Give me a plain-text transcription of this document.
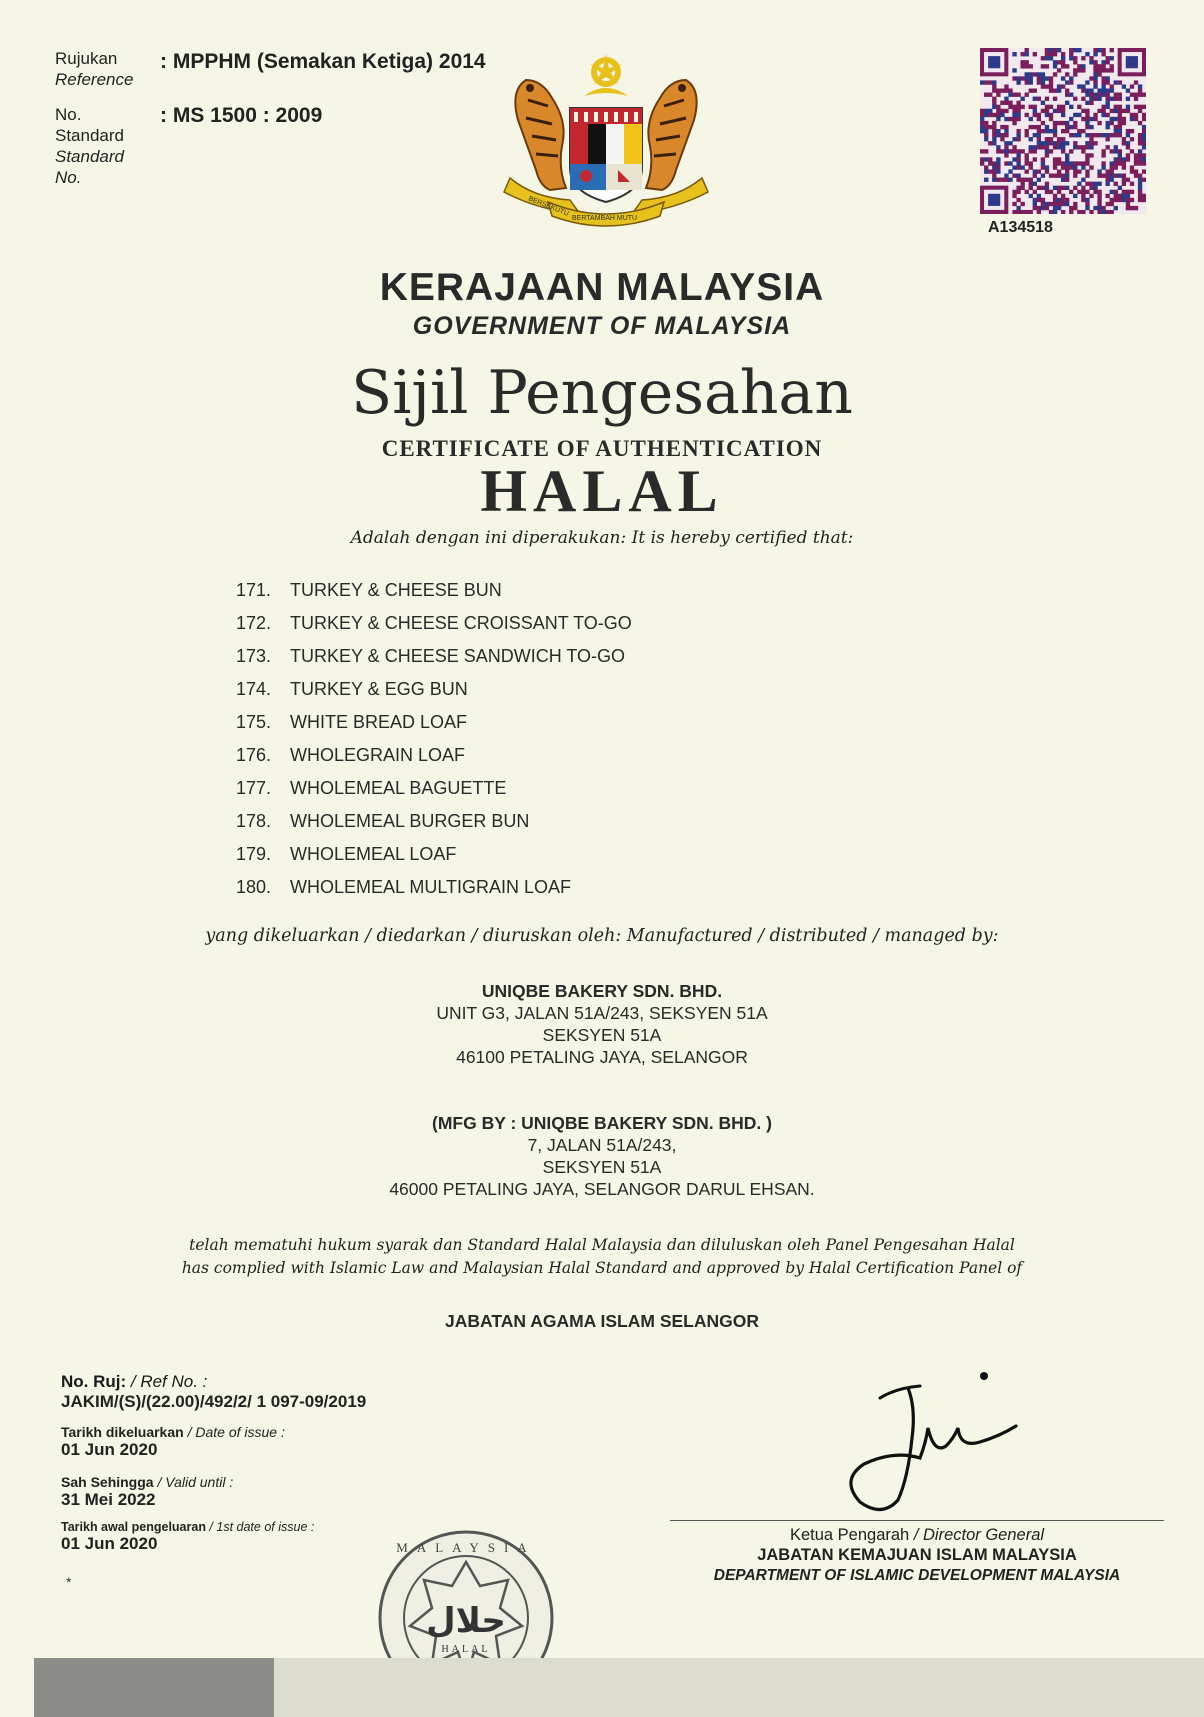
Rujukan
Reference
: MPPHM (Semakan Ketiga) 2014
No.
Standard
Standard
No.
: MS 1500 : 2009
BERSEKUTU
BERTAMBAH MUTU
A134518
KERAJAAN MALAYSIA
GOVERNMENT OF MALAYSIA
Sijil Pengesahan
CERTIFICATE OF AUTHENTICATION
HALAL
Adalah dengan ini diperakukan: It is hereby certified that:
171.	TURKEY & CHEESE BUN
172.	TURKEY & CHEESE CROISSANT TO-GO
173.	TURKEY & CHEESE SANDWICH TO-GO
174.	TURKEY & EGG BUN
175.	WHITE BREAD LOAF
176.	WHOLEGRAIN LOAF
177.	WHOLEMEAL BAGUETTE
178.	WHOLEMEAL BURGER BUN
179.	WHOLEMEAL LOAF
180.	WHOLEMEAL MULTIGRAIN LOAF
yang dikeluarkan / diedarkan / diuruskan oleh: Manufactured / distributed / managed by:
UNIQBE BAKERY SDN. BHD.
UNIT G3, JALAN 51A/243, SEKSYEN 51A
SEKSYEN 51A
46100 PETALING JAYA, SELANGOR
(MFG BY : UNIQBE BAKERY SDN. BHD. )
7, JALAN 51A/243,
SEKSYEN 51A
46000 PETALING JAYA, SELANGOR DARUL EHSAN.
telah mematuhi hukum syarak dan Standard Halal Malaysia dan diluluskan oleh Panel Pengesahan Halal
has complied with Islamic Law and Malaysian Halal Standard and approved by Halal Certification Panel of
JABATAN AGAMA ISLAM SELANGOR
No. Ruj: / Ref No. :
JAKIM/(S)/(22.00)/492/2/ 1 097-09/2019
Tarikh dikeluarkan / Date of issue :
01 Jun 2020
Sah Sehingga / Valid until :
31 Mei 2022
Tarikh awal pengeluaran / 1st date of issue :
01 Jun 2020	Ketua Pengarah / Director General
JABATAN KEMAJUAN ISLAM MALAYSIA
DEPARTMENT OF ISLAMIC DEVELOPMENT MALAYSIA
MALAYSIA
حلال
HALAL
*
